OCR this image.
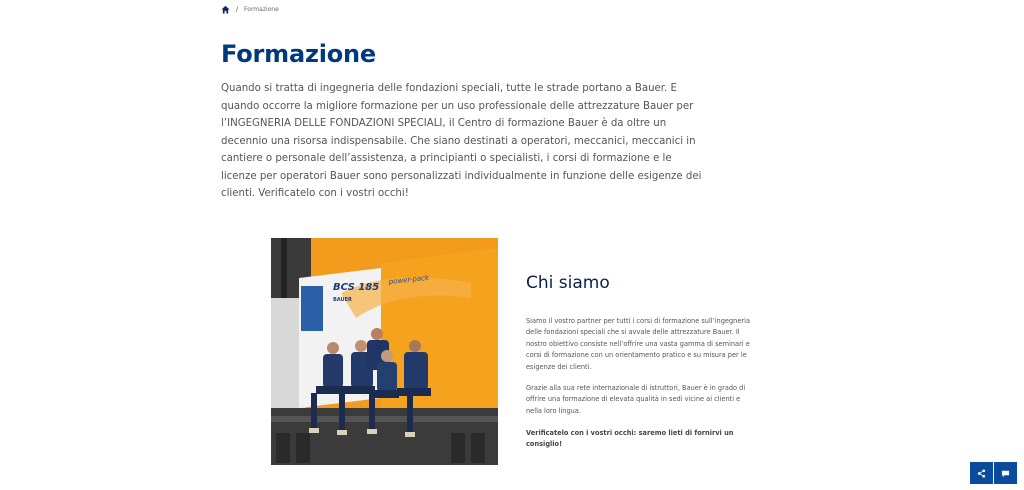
/ Formazione
Formazione

Quando si tratta di ingegneria delle fondazioni speciali, tutte le strade portano a Bauer. E quando occorre la migliore formazione per un uso professionale delle attrezzature Bauer per l’INGEGNERIA DELLE FONDAZIONI SPECIALI, il Centro di formazione Bauer è da oltre un decennio una risorsa indispensabile. Che siano destinati a operatori, meccanici, meccanici in cantiere o personale dell’assistenza, a principianti o specialisti, i corsi di formazione e le licenze per operatori Bauer sono personalizzati individualmente in funzione delle esigenze dei clienti. Verificatelo con i vostri occhi!

BCS 185
BAUER
power-pack	Chi siamo

Siamo il vostro partner per tutti i corsi di formazione sull’ingegneria delle fondazioni speciali che si avvale delle attrezzature Bauer. Il nostro obiettivo consiste nell’offrire una vasta gamma di seminari e corsi di formazione con un orientamento pratico e su misura per le esigenze dei clienti.

Grazie alla sua rete internazionale di istruttori, Bauer è in grado di offrire una formazione di elevata qualità in sedi vicine ai clienti e nella loro lingua.

Verificatelo con i vostri occhi: saremo lieti di fornirvi un consiglio!
